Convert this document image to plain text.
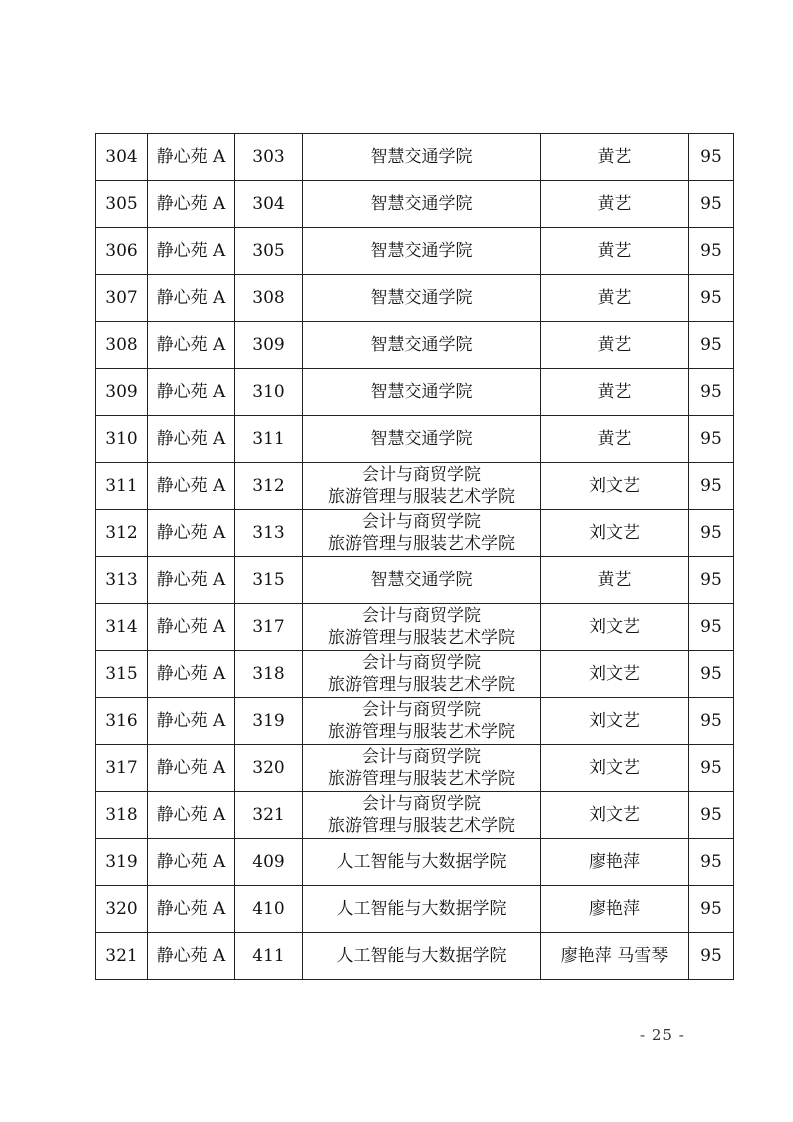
304	静心苑 A	303	智慧交通学院	黄艺	95
305	静心苑 A	304	智慧交通学院	黄艺	95
306	静心苑 A	305	智慧交通学院	黄艺	95
307	静心苑 A	308	智慧交通学院	黄艺	95
308	静心苑 A	309	智慧交通学院	黄艺	95
309	静心苑 A	310	智慧交通学院	黄艺	95
310	静心苑 A	311	智慧交通学院	黄艺	95
311	静心苑 A	312	会计与商贸学院
旅游管理与服装艺术学院	刘文艺	95
312	静心苑 A	313	会计与商贸学院
旅游管理与服装艺术学院	刘文艺	95
313	静心苑 A	315	智慧交通学院	黄艺	95
314	静心苑 A	317	会计与商贸学院
旅游管理与服装艺术学院	刘文艺	95
315	静心苑 A	318	会计与商贸学院
旅游管理与服装艺术学院	刘文艺	95
316	静心苑 A	319	会计与商贸学院
旅游管理与服装艺术学院	刘文艺	95
317	静心苑 A	320	会计与商贸学院
旅游管理与服装艺术学院	刘文艺	95
318	静心苑 A	321	会计与商贸学院
旅游管理与服装艺术学院	刘文艺	95
319	静心苑 A	409	人工智能与大数据学院	廖艳萍	95
320	静心苑 A	410	人工智能与大数据学院	廖艳萍	95
321	静心苑 A	411	人工智能与大数据学院	廖艳萍 马雪琴	95
- 25 -
